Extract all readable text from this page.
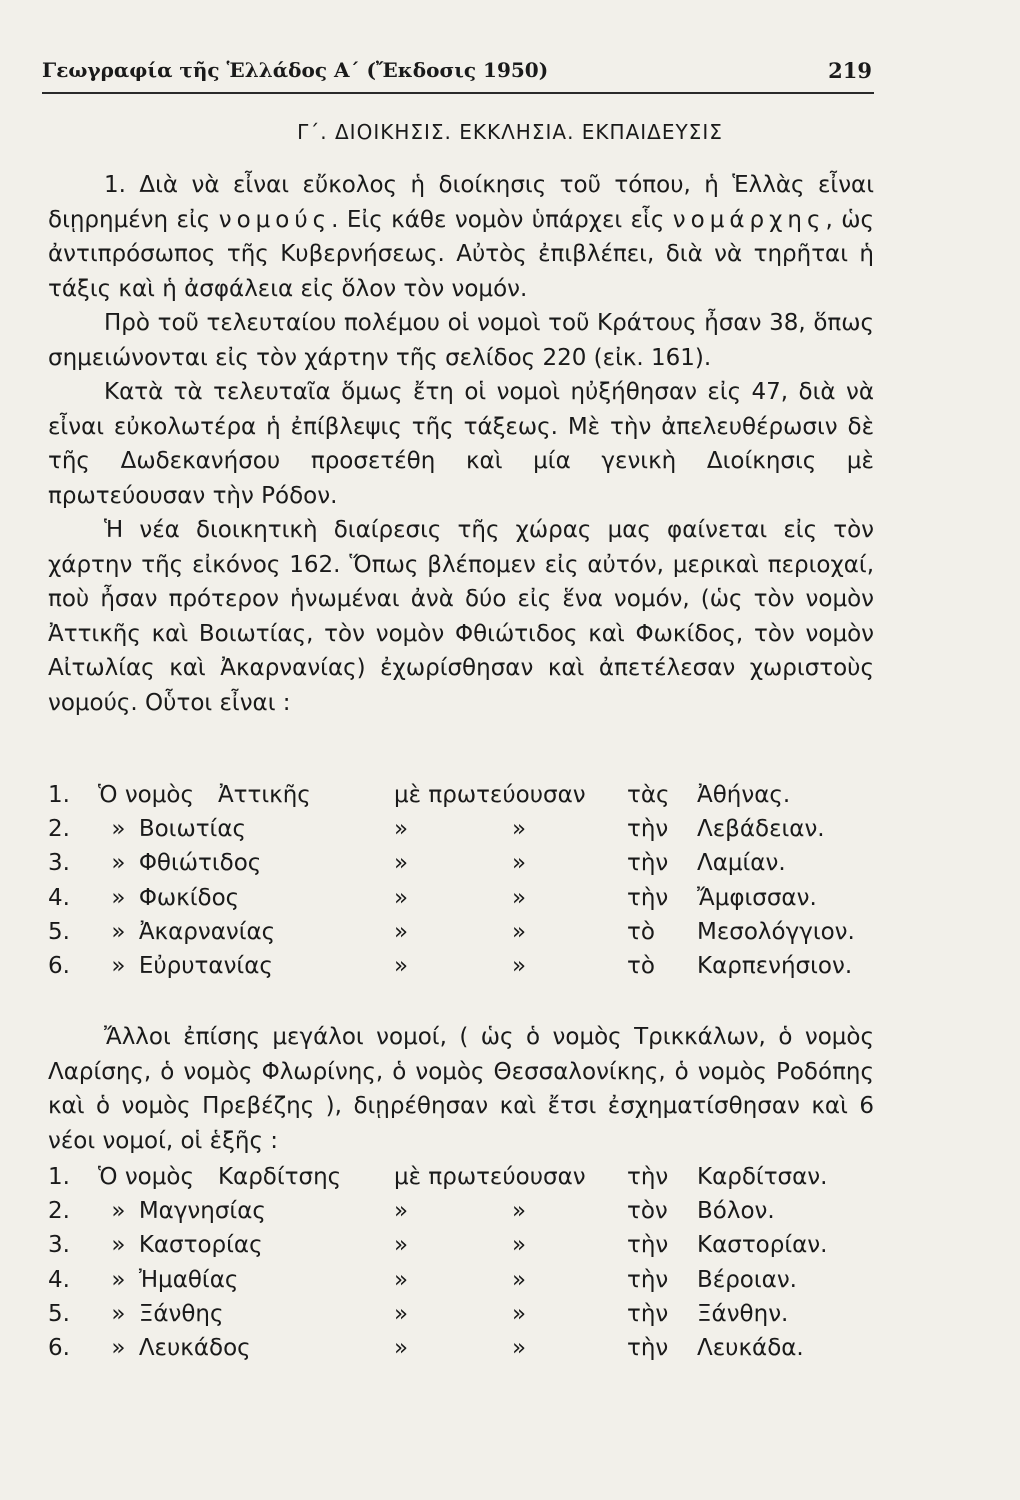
Γεωγραφία τῆς Ἑλλάδος Α΄ (Ἔκδοσις 1950)	219
Γ΄. ΔΙΟΙΚΗΣΙΣ. ΕΚΚΛΗΣΙΑ. ΕΚΠΑΙΔΕΥΣΙΣ

1. Διὰ νὰ εἶναι εὔκολος ἡ διοίκησις τοῦ τόπου, ἡ Ἑλλὰς εἶναι διῃρημένη εἰς νομούς. Εἰς κάθε νομὸν ὑπάρχει εἷς νομάρχης, ὡς ἀντιπρόσωπος τῆς Κυβερνήσεως. Αὐτὸς ἐπιβλέπει, διὰ νὰ τηρῆται ἡ τάξις καὶ ἡ ἀσφάλεια εἰς ὅλον τὸν νομόν.

Πρὸ τοῦ τελευταίου πολέμου οἱ νομοὶ τοῦ Κράτους ἦσαν 38, ὅπως σημειώνονται εἰς τὸν χάρτην τῆς σελίδος 220 (εἰκ. 161).

Κατὰ τὰ τελευταῖα ὅμως ἔτη οἱ νομοὶ ηὐξήθησαν εἰς 47, διὰ νὰ εἶναι εὐκολωτέρα ἡ ἐπίβλεψις τῆς τάξεως. Μὲ τὴν ἀπελευθέρωσιν δὲ τῆς Δωδεκανήσου προσετέθη καὶ μία γενικὴ Διοίκησις μὲ πρωτεύουσαν τὴν Ρόδον.

Ἡ νέα διοικητικὴ διαίρεσις τῆς χώρας μας φαίνεται εἰς τὸν χάρτην τῆς εἰκόνος 162. Ὅπως βλέπομεν εἰς αὐτόν, μερικαὶ περιοχαί, ποὺ ἦσαν πρότερον ἡνωμέναι ἀνὰ δύο εἰς ἕνα νομόν, (ὡς τὸν νομὸν Ἀττικῆς καὶ Βοιωτίας, τὸν νομὸν Φθιώτιδος καὶ Φωκίδος, τὸν νομὸν Αἰτωλίας καὶ Ἀκαρνανίας) ἐχωρίσθησαν καὶ ἀπετέλεσαν χωριστοὺς νομούς. Οὗτοι εἶναι :

1.	Ὁ νομὸς Ἀττικῆς		μὲ πρωτεύουσαν		τὰς	Ἀθήνας.
2.	»	Βοιωτίας	»	»	τὴν	Λεβάδειαν.
3.	»	Φθιώτιδος	»	»	τὴν	Λαμίαν.
4.	»	Φωκίδος	»	»	τὴν	Ἄμφισσαν.
5.	»	Ἀκαρνανίας	»	»	τὸ	Μεσολόγγιον.
6.	»	Εὐρυτανίας	»	»	τὸ	Καρπενήσιον.

Ἄλλοι ἐπίσης μεγάλοι νομοί, ( ὡς ὁ νομὸς Τρικκάλων, ὁ νομὸς Λαρίσης, ὁ νομὸς Φλωρίνης, ὁ νομὸς Θεσσαλονίκης, ὁ νομὸς Ροδόπης καὶ ὁ νομὸς Πρεβέζης ), διῃρέθησαν καὶ ἔτσι ἐσχηματίσθησαν καὶ 6 νέοι νομοί, οἱ ἑξῆς :

1.	Ὁ νομὸς Καρδίτσης		μὲ πρωτεύουσαν		τὴν	Καρδίτσαν.
2.	»	Μαγνησίας	»	»	τὸν	Βόλον.
3.	»	Καστορίας	»	»	τὴν	Καστορίαν.
4.	»	Ἠμαθίας	»	»	τὴν	Βέροιαν.
5.	»	Ξάνθης	»	»	τὴν	Ξάνθην.
6.	»	Λευκάδος	»	»	τὴν	Λευκάδα.
